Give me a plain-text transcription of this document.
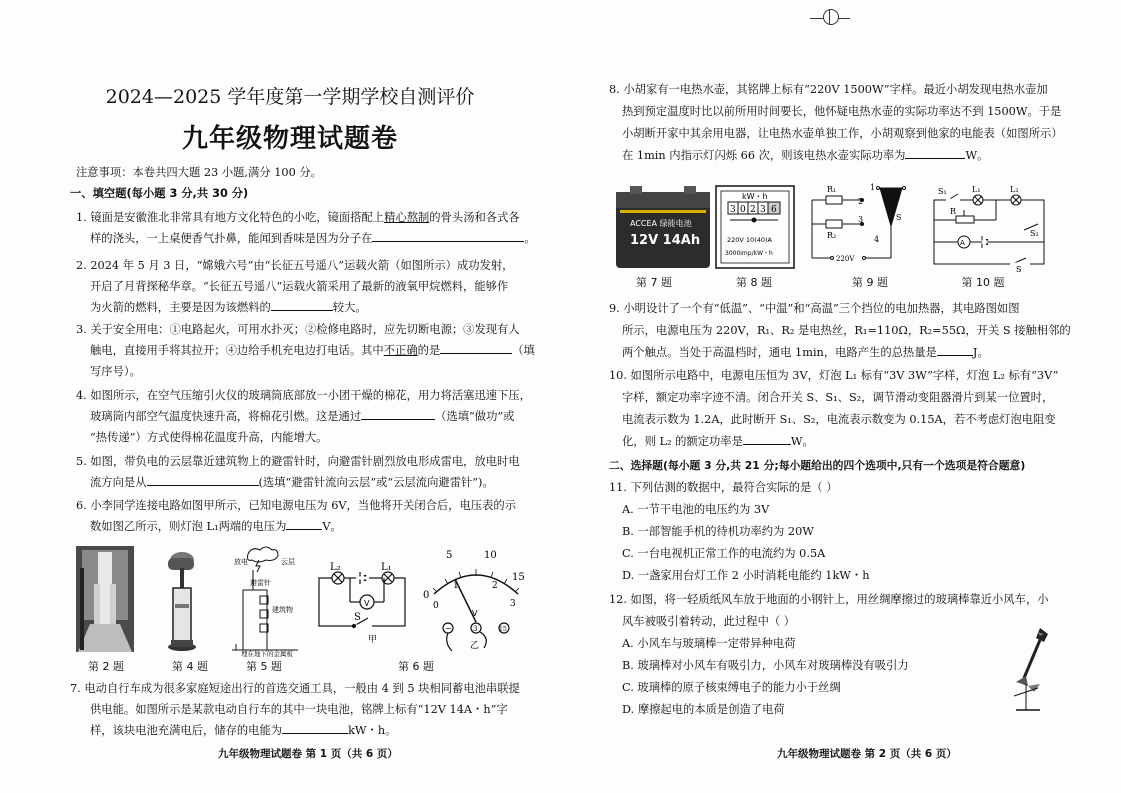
2024—2025 学年度第一学期学校自测评价
九年级物理试题卷
注意事项：本卷共四大题 23 小题,满分 100 分。
一、填空题(每小题 3 分,共 30 分)
1. 镜面是安徽淮北非常具有地方文化特色的小吃，镜面搭配上精心熬制的骨头汤和各式各
样的浇头，一上桌便香气扑鼻，能闻到香味是因为分子在	。
2. 2024 年 5 月 3 日，“嫦娥六号”由“长征五号遥八”运载火箭（如图所示）成功发射，
开启了月背探秘华章。“长征五号遥八”运载火箭采用了最新的液氧甲烷燃料，能够作
为火箭的燃料，主要是因为该燃料的	较大。
3. 关于安全用电：①电路起火，可用水扑灭；②检修电路时，应先切断电源；③发现有人
触电，直接用手将其拉开；④边给手机充电边打电话。其中不正确的是	（填
写序号）。
4. 如图所示，在空气压缩引火仪的玻璃筒底部放一小团干燥的棉花，用力将活塞迅速下压，
玻璃筒内部空气温度快速升高，将棉花引燃。这是通过	（选填“做功”或
“热传递”）方式使得棉花温度升高，内能增大。
5. 如图，带负电的云层靠近建筑物上的避雷针时，向避雷针剧烈放电形成雷电，放电时电
流方向是从	(选填“避雷针流向云层”或“云层流向避雷针”)。
6. 小李同学连接电路如图甲所示，已知电源电压为 6V，当他将开关闭合后，电压表的示
数如图乙所示，则灯泡 L₁两端的电压为	V。
放电	云层
避雷针
建筑物
埋在地下的金属板
L₂	L₁
V
S
甲
0
5	10
15
0
1	2
3
V
−	3	15
乙
第 2 题	第 4 题	第 5 题	第 6 题
7. 电动自行车成为很多家庭短途出行的首选交通工具，一般由 4 到 5 块相同蓄电池串联提
供电能。如图所示是某款电动自行车的其中一块电池，铭牌上标有“12V 14A・h”字
样，该块电池充满电后，储存的电能为	kW・h。
九年级物理试题卷 第 1 页（共 6 页）
8. 小胡家有一电热水壶，其铭牌上标有“220V 1500W”字样。最近小胡发现电热水壶加
热到预定温度时比以前所用时间要长，他怀疑电热水壶的实际功率达不到 1500W。于是
小胡断开家中其余用电器，让电热水壶单独工作，小胡观察到他家的电能表（如图所示）
在 1min 内指示灯闪烁 66 次，则该电热水壶实际功率为	W。
ACCEA 绿能电池
12V 14Ah
kW・h
3 0 2 3 6
220V 10(40)A
3000imp/kW・h
R₁
R₂
1
2
3
4
S
220V
S₁	L₁	L₂
R
A
S₂
S
第 7 题	第 8 题	第 9 题	第 10 题
9. 小明设计了一个有“低温”、“中温”和“高温”三个挡位的电加热器，其电路图如图
所示，电源电压为 220V，R₁、R₂ 是电热丝，R₁=110Ω，R₂=55Ω，开关 S 接触相邻的
两个触点。当处于高温档时，通电 1min，电路产生的总热量是	J。
10. 如图所示电路中，电源电压恒为 3V，灯泡 L₁ 标有“3V 3W”字样，灯泡 L₂ 标有“3V”
字样，额定功率字迹不清。闭合开关 S、S₁、S₂，调节滑动变阻器滑片到某一位置时，
电流表示数为 1.2A，此时断开 S₁、S₂，电流表示数变为 0.15A，若不考虑灯泡电阻变
化，则 L₂ 的额定功率是	W。
二、选择题(每小题 3 分,共 21 分;每小题给出的四个选项中,只有一个选项是符合题意)
11. 下列估测的数据中，最符合实际的是（ ）
A. 一节干电池的电压约为 3V
B. 一部智能手机的待机功率约为 20W
C. 一台电视机正常工作的电流约为 0.5A
D. 一盏家用台灯工作 2 小时消耗电能约 1kW・h
12. 如图，将一轻质纸风车放于地面的小钢针上，用丝绸摩擦过的玻璃棒靠近小风车，小
风车被吸引着转动，此过程中（ ）
A. 小风车与玻璃棒一定带异种电荷
B. 玻璃棒对小风车有吸引力，小风车对玻璃棒没有吸引力
C. 玻璃棒的原子核束缚电子的能力小于丝绸
D. 摩擦起电的本质是创造了电荷
九年级物理试题卷 第 2 页（共 6 页）
